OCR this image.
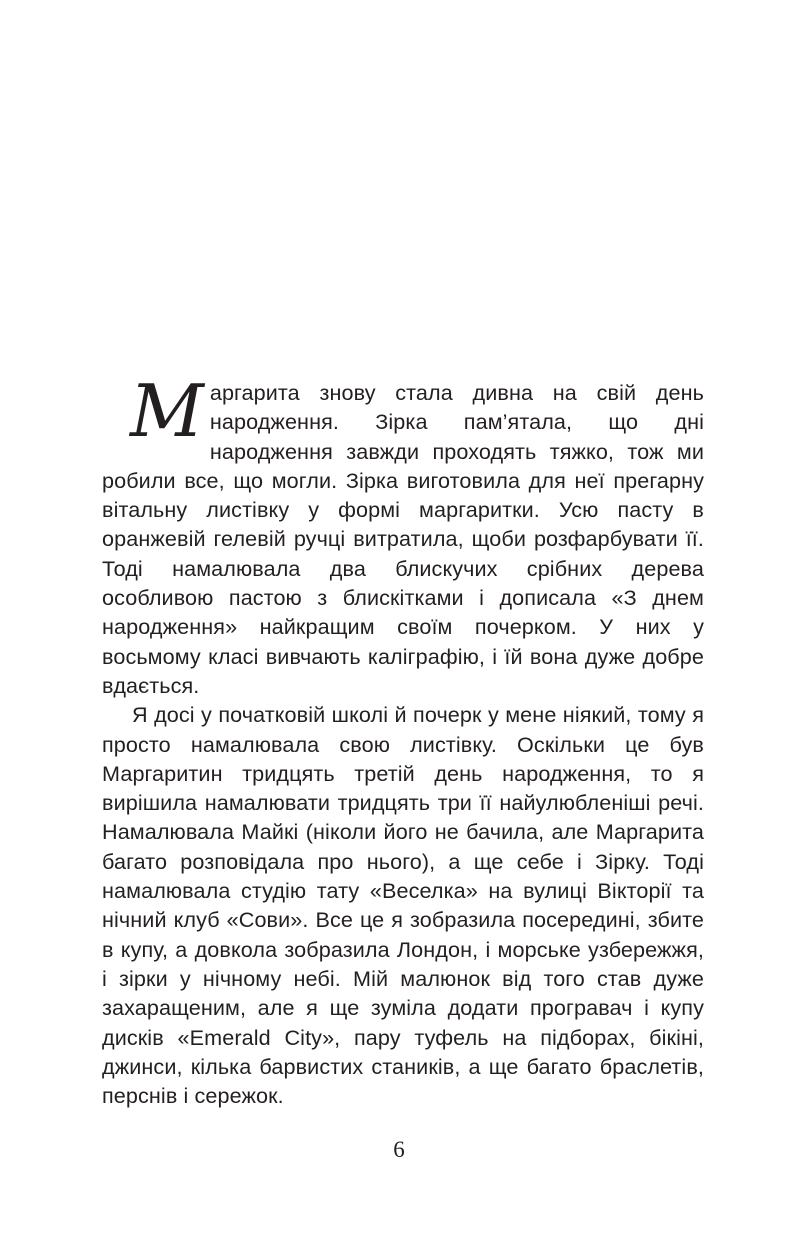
Маргарита знову стала дивна на свій день народження. Зірка пам’ятала, що дні народження завжди проходять тяжко, тож ми робили все, що могли. Зірка виготовила для неї прегарну вітальну листівку у формі маргаритки. Усю пасту в оранжевій гелевій ручці витратила, щоби розфарбувати її. Тоді намалювала два блискучих срібних дерева особливою пастою з блискітками і дописала «З днем народження» найкращим своїм почерком. У них у восьмому класі вивчають каліграфію, і їй вона дуже добре вдається.

Я досі у початковій школі й почерк у мене ніякий, тому я просто намалювала свою листівку. Оскільки це був Маргаритин тридцять третій день народження, то я вирішила намалювати тридцять три її найулюбленіші речі. Намалювала Майкі (ніколи його не бачила, але Маргарита багато розповідала про нього), а ще себе і Зірку. Тоді намалювала студію тату «Веселка» на вулиці Вікторії та нічний клуб «Сови». Все це я зобразила посередині, збите в купу, а довкола зобразила Лондон, і морське узбережжя, і зірки у нічному небі. Мій малюнок від того став дуже захаращеним, але я ще зуміла додати програвач і купу дисків «Emerald City», пару туфель на підборах, бікіні, джинси, кілька барвистих стаників, а ще багато браслетів, перснів і сережок.

6
